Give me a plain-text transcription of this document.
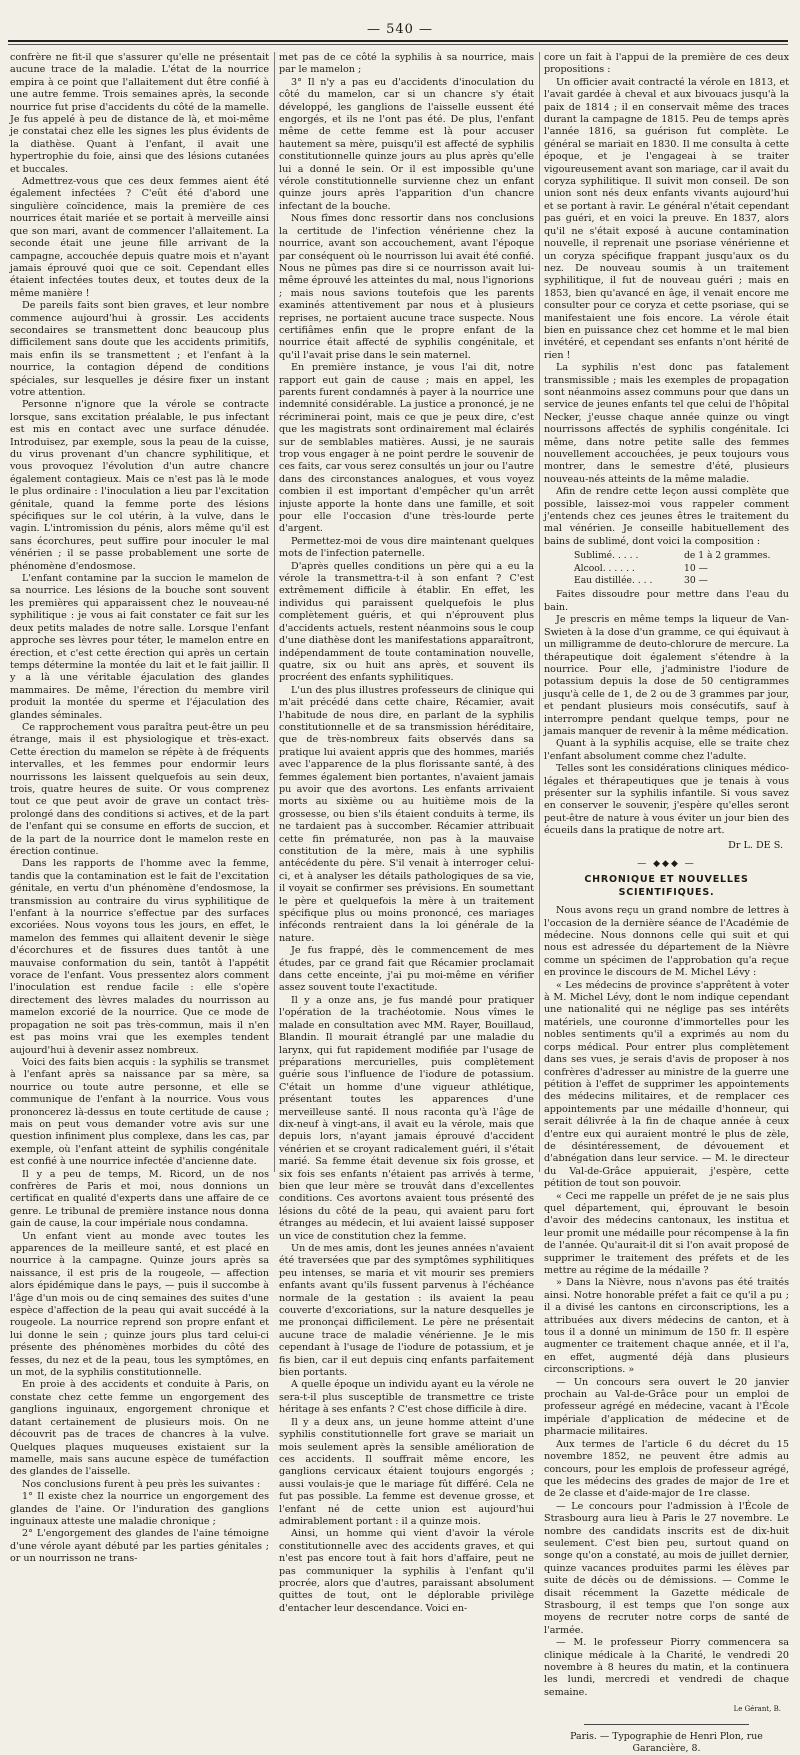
— 540 —

confrère ne fit-il que s'assurer qu'elle ne présentait aucune trace de la maladie. L'état de la nourrice empira à ce point que l'allaitement dut être confié à une autre femme. Trois semaines après, la seconde nourrice fut prise d'accidents du côté de la mamelle. Je fus appelé à peu de distance de là, et moi-même je constatai chez elle les signes les plus évidents de la diathèse. Quant à l'enfant, il avait une hypertrophie du foie, ainsi que des lésions cutanées et buccales.

Admettrez-vous que ces deux femmes aient été également infectées ? C'eût été d'abord une singulière coïncidence, mais la première de ces nourrices était mariée et se portait à merveille ainsi que son mari, avant de commencer l'allaitement. La seconde était une jeune fille arrivant de la campagne, accouchée depuis quatre mois et n'ayant jamais éprouvé quoi que ce soit. Cependant elles étaient infectées toutes deux, et toutes deux de la même manière !

De pareils faits sont bien graves, et leur nombre commence aujourd'hui à grossir. Les accidents secondaires se transmettent donc beaucoup plus difficilement sans doute que les accidents primitifs, mais enfin ils se transmettent ; et l'enfant à la nourrice, la contagion dépend de conditions spéciales, sur lesquelles je désire fixer un instant votre attention.

Personne n'ignore que la vérole se contracte lorsque, sans excitation préalable, le pus infectant est mis en contact avec une surface dénudée. Introduisez, par exemple, sous la peau de la cuisse, du virus provenant d'un chancre syphilitique, et vous provoquez l'évolution d'un autre chancre également contagieux. Mais ce n'est pas là le mode le plus ordinaire : l'inoculation a lieu par l'excitation génitale, quand la femme porte des lésions spécifiques sur le col utérin, à la vulve, dans le vagin. L'intromission du pénis, alors même qu'il est sans écorchures, peut suffire pour inoculer le mal vénérien ; il se passe probablement une sorte de phénomène d'endosmose.

L'enfant contamine par la succion le mamelon de sa nourrice. Les lésions de la bouche sont souvent les premières qui apparaissent chez le nouveau-né syphilitique : je vous ai fait constater ce fait sur les deux petits malades de notre salle. Lorsque l'enfant approche ses lèvres pour téter, le mamelon entre en érection, et c'est cette érection qui après un certain temps détermine la montée du lait et le fait jaillir. Il y a là une véritable éjaculation des glandes mammaires. De même, l'érection du membre viril produit la montée du sperme et l'éjaculation des glandes séminales.

Ce rapprochement vous paraîtra peut-être un peu étrange, mais il est physiologique et très-exact. Cette érection du mamelon se répète à de fréquents intervalles, et les femmes pour endormir leurs nourrissons les laissent quelquefois au sein deux, trois, quatre heures de suite. Or vous comprenez tout ce que peut avoir de grave un contact très-prolongé dans des conditions si actives, et de la part de l'enfant qui se consume en efforts de succion, et de la part de la nourrice dont le mamelon reste en érection continue.

Dans les rapports de l'homme avec la femme, tandis que la contamination est le fait de l'excitation génitale, en vertu d'un phénomène d'endosmose, la transmission au contraire du virus syphilitique de l'enfant à la nourrice s'effectue par des surfaces excoriées. Nous voyons tous les jours, en effet, le mamelon des femmes qui allaitent devenir le siège d'écorchures et de fissures dues tantôt à une mauvaise conformation du sein, tantôt à l'appétit vorace de l'enfant. Vous pressentez alors comment l'inoculation est rendue facile : elle s'opère directement des lèvres malades du nourrisson au mamelon excorié de la nourrice. Que ce mode de propagation ne soit pas très-commun, mais il n'en est pas moins vrai que les exemples tendent aujourd'hui à devenir assez nombreux.

Voici des faits bien acquis : la syphilis se transmet à l'enfant après sa naissance par sa mère, sa nourrice ou toute autre personne, et elle se communique de l'enfant à la nourrice. Vous vous prononcerez là-dessus en toute certitude de cause ; mais on peut vous demander votre avis sur une question infiniment plus complexe, dans les cas, par exemple, où l'enfant atteint de syphilis congénitale est confié à une nourrice infectée d'ancienne date.

Il y a peu de temps, M. Ricord, un de nos confrères de Paris et moi, nous donnions un certificat en qualité d'experts dans une affaire de ce genre. Le tribunal de première instance nous donna gain de cause, la cour impériale nous condamna.

Un enfant vient au monde avec toutes les apparences de la meilleure santé, et est placé en nourrice à la campagne. Quinze jours après sa naissance, il est pris de la rougeole, — affection alors épidémique dans le pays, — puis il succombe à l'âge d'un mois ou de cinq semaines des suites d'une espèce d'affection de la peau qui avait succédé à la rougeole. La nourrice reprend son propre enfant et lui donne le sein ; quinze jours plus tard celui-ci présente des phénomènes morbides du côté des fesses, du nez et de la peau, tous les symptômes, en un mot, de la syphilis constitutionnelle.

En proie à des accidents et conduite à Paris, on constate chez cette femme un engorgement des ganglions inguinaux, engorgement chronique et datant certainement de plusieurs mois. On ne découvrit pas de traces de chancres à la vulve. Quelques plaques muqueuses existaient sur la mamelle, mais sans aucune espèce de tuméfaction des glandes de l'aisselle.

Nos conclusions furent à peu près les suivantes :

1° Il existe chez la nourrice un engorgement des glandes de l'aine. Or l'induration des ganglions inguinaux atteste une maladie chronique ;

2° L'engorgement des glandes de l'aine témoigne d'une vérole ayant débuté par les parties génitales ; or un nourrisson ne trans-

met pas de ce côté la syphilis à sa nourrice, mais par le mamelon ;

3° Il n'y a pas eu d'accidents d'inoculation du côté du mamelon, car si un chancre s'y était développé, les ganglions de l'aisselle eussent été engorgés, et ils ne l'ont pas été. De plus, l'enfant même de cette femme est là pour accuser hautement sa mère, puisqu'il est affecté de syphilis constitutionnelle quinze jours au plus après qu'elle lui a donné le sein. Or il est impossible qu'une vérole constitutionnelle survienne chez un enfant quinze jours après l'apparition d'un chancre infectant de la bouche.

Nous fîmes donc ressortir dans nos conclusions la certitude de l'infection vénérienne chez la nourrice, avant son accouchement, avant l'époque par conséquent où le nourrisson lui avait été confié. Nous ne pûmes pas dire si ce nourrisson avait lui-même éprouvé les atteintes du mal, nous l'ignorions ; mais nous savions toutefois que les parents examinés attentivement par nous et à plusieurs reprises, ne portaient aucune trace suspecte. Nous certifiâmes enfin que le propre enfant de la nourrice était affecté de syphilis congénitale, et qu'il l'avait prise dans le sein maternel.

En première instance, je vous l'ai dit, notre rapport eut gain de cause ; mais en appel, les parents furent condamnés à payer à la nourrice une indemnité considérable. La justice a prononcé, je ne récriminerai point, mais ce que je peux dire, c'est que les magistrats sont ordinairement mal éclairés sur de semblables matières. Aussi, je ne saurais trop vous engager à ne point perdre le souvenir de ces faits, car vous serez consultés un jour ou l'autre dans des circonstances analogues, et vous voyez combien il est important d'empêcher qu'un arrêt injuste apporte la honte dans une famille, et soit pour elle l'occasion d'une très-lourde perte d'argent.

Permettez-moi de vous dire maintenant quelques mots de l'infection paternelle.

D'après quelles conditions un père qui a eu la vérole la transmettra-t-il à son enfant ? C'est extrêmement difficile à établir. En effet, les individus qui paraissent quelquefois le plus complètement guéris, et qui n'éprouvent plus d'accidents actuels, restent néanmoins sous le coup d'une diathèse dont les manifestations apparaîtront, indépendamment de toute contamination nouvelle, quatre, six ou huit ans après, et souvent ils procréent des enfants syphilitiques.

L'un des plus illustres professeurs de clinique qui m'ait précédé dans cette chaire, Récamier, avait l'habitude de nous dire, en parlant de la syphilis constitutionnelle et de sa transmission héréditaire, que de très-nombreux faits observés dans sa pratique lui avaient appris que des hommes, mariés avec l'apparence de la plus florissante santé, à des femmes également bien portantes, n'avaient jamais pu avoir que des avortons. Les enfants arrivaient morts au sixième ou au huitième mois de la grossesse, ou bien s'ils étaient conduits à terme, ils ne tardaient pas à succomber. Récamier attribuait cette fin prématurée, non pas à la mauvaise constitution de la mère, mais à une syphilis antécédente du père. S'il venait à interroger celui-ci, et à analyser les détails pathologiques de sa vie, il voyait se confirmer ses prévisions. En soumettant le père et quelquefois la mère à un traitement spécifique plus ou moins prononcé, ces mariages inféconds rentraient dans la loi générale de la nature.

Je fus frappé, dès le commencement de mes études, par ce grand fait que Récamier proclamait dans cette enceinte, j'ai pu moi-même en vérifier assez souvent toute l'exactitude.

Il y a onze ans, je fus mandé pour pratiquer l'opération de la trachéotomie. Nous vîmes le malade en consultation avec MM. Rayer, Bouillaud, Blandin. Il mourait étranglé par une maladie du larynx, qui fut rapidement modifiée par l'usage de préparations mercurielles, puis complètement guérie sous l'influence de l'iodure de potassium. C'était un homme d'une vigueur athlétique, présentant toutes les apparences d'une merveilleuse santé. Il nous raconta qu'à l'âge de dix-neuf à vingt-ans, il avait eu la vérole, mais que depuis lors, n'ayant jamais éprouvé d'accident vénérien et se croyant radicalement guéri, il s'était marié. Sa femme était devenue six fois grosse, et six fois ses enfants n'étaient pas arrivés à terme, bien que leur mère se trouvât dans d'excellentes conditions. Ces avortons avaient tous présenté des lésions du côté de la peau, qui avaient paru fort étranges au médecin, et lui avaient laissé supposer un vice de constitution chez la femme.

Un de mes amis, dont les jeunes années n'avaient été traversées que par des symptômes syphilitiques peu intenses, se maria et vit mourir ses premiers enfants avant qu'ils fussent parvenus à l'échéance normale de la gestation : ils avaient la peau couverte d'excoriations, sur la nature desquelles je me prononçai difficilement. Le père ne présentait aucune trace de maladie vénérienne. Je le mis cependant à l'usage de l'iodure de potassium, et je fis bien, car il eut depuis cinq enfants parfaitement bien portants.

A quelle époque un individu ayant eu la vérole ne sera-t-il plus susceptible de transmettre ce triste héritage à ses enfants ? C'est chose difficile à dire.

Il y a deux ans, un jeune homme atteint d'une syphilis constitutionnelle fort grave se mariait un mois seulement après la sensible amélioration de ces accidents. Il souffrait même encore, les ganglions cervicaux étaient toujours engorgés ; aussi voulais-je que le mariage fût différé. Cela ne fut pas possible. La femme est devenue grosse, et l'enfant né de cette union est aujourd'hui admirablement portant : il a quinze mois.

Ainsi, un homme qui vient d'avoir la vérole constitutionnelle avec des accidents graves, et qui n'est pas encore tout à fait hors d'affaire, peut ne pas communiquer la syphilis à l'enfant qu'il procrée, alors que d'autres, paraissant absolument quittes de tout, ont le déplorable privilège d'entacher leur descendance. Voici en-

core un fait à l'appui de la première de ces deux propositions :

Un officier avait contracté la vérole en 1813, et l'avait gardée à cheval et aux bivouacs jusqu'à la paix de 1814 ; il en conservait même des traces durant la campagne de 1815. Peu de temps après l'année 1816, sa guérison fut complète. Le général se mariait en 1830. Il me consulta à cette époque, et je l'engageai à se traiter vigoureusement avant son mariage, car il avait du coryza syphilitique. Il suivit mon conseil. De son union sont nés deux enfants vivants aujourd'hui et se portant à ravir. Le général n'était cependant pas guéri, et en voici la preuve. En 1837, alors qu'il ne s'était exposé à aucune contamination nouvelle, il reprenait une psoriase vénérienne et un coryza spécifique frappant jusqu'aux os du nez. De nouveau soumis à un traitement syphilitique, il fut de nouveau guéri ; mais en 1853, bien qu'avancé en âge, il venait encore me consulter pour ce coryza et cette psoriase, qui se manifestaient une fois encore. La vérole était bien en puissance chez cet homme et le mal bien invétéré, et cependant ses enfants n'ont hérité de rien !

La syphilis n'est donc pas fatalement transmissible ; mais les exemples de propagation sont néanmoins assez communs pour que dans un service de jeunes enfants tel que celui de l'hôpital Necker, j'eusse chaque année quinze ou vingt nourrissons affectés de syphilis congénitale. Ici même, dans notre petite salle des femmes nouvellement accouchées, je peux toujours vous montrer, dans le semestre d'été, plusieurs nouveau-nés atteints de la même maladie.

Afin de rendre cette leçon aussi complète que possible, laissez-moi vous rappeler comment j'entends chez ces jeunes êtres le traitement du mal vénérien. Je conseille habituellement des bains de sublimé, dont voici la composition :

Sublimé. . . . .	de 1 à 2 grammes.
Alcool. . . . . .	10 —
Eau distillée. . . .	30 —

Faites dissoudre pour mettre dans l'eau du bain.

Je prescris en même temps la liqueur de Van-Swieten à la dose d'un gramme, ce qui équivaut à un milligramme de deuto-chlorure de mercure. La thérapeutique doit également s'étendre à la nourrice. Pour elle, j'administre l'iodure de potassium depuis la dose de 50 centigrammes jusqu'à celle de 1, de 2 ou de 3 grammes par jour, et pendant plusieurs mois consécutifs, sauf à interrompre pendant quelque temps, pour ne jamais manquer de revenir à la même médication.

Quant à la syphilis acquise, elle se traite chez l'enfant absolument comme chez l'adulte.

Telles sont les considérations cliniques médico-légales et thérapeutiques que je tenais à vous présenter sur la syphilis infantile. Si vous savez en conserver le souvenir, j'espère qu'elles seront peut-être de nature à vous éviter un jour bien des écueils dans la pratique de notre art.

Dr L. DE S.
— ◆◆◆ —
CHRONIQUE ET NOUVELLES SCIENTIFIQUES.

Nous avons reçu un grand nombre de lettres à l'occasion de la dernière séance de l'Académie de médecine. Nous donnons celle qui suit et qui nous est adressée du département de la Nièvre comme un spécimen de l'approbation qu'a reçue en province le discours de M. Michel Lévy :

« Les médecins de province s'apprêtent à voter à M. Michel Lévy, dont le nom indique cependant une nationalité qui ne néglige pas ses intérêts matériels, une couronne d'immortelles pour les nobles sentiments qu'il a exprimés au nom du corps médical. Pour entrer plus complètement dans ses vues, je serais d'avis de proposer à nos confrères d'adresser au ministre de la guerre une pétition à l'effet de supprimer les appointements des médecins militaires, et de remplacer ces appointements par une médaille d'honneur, qui serait délivrée à la fin de chaque année à ceux d'entre eux qui auraient montré le plus de zèle, de désintéressement, de dévouement et d'abnégation dans leur service. — M. le directeur du Val-de-Grâce appuierait, j'espère, cette pétition de tout son pouvoir.

« Ceci me rappelle un préfet de je ne sais plus quel département, qui, éprouvant le besoin d'avoir des médecins cantonaux, les institua et leur promit une médaille pour récompense à la fin de l'année. Qu'aurait-il dit si l'on avait proposé de supprimer le traitement des préfets et de les mettre au régime de la médaille ?

» Dans la Nièvre, nous n'avons pas été traités ainsi. Notre honorable préfet a fait ce qu'il a pu ; il a divisé les cantons en circonscriptions, les a attribuées aux divers médecins de canton, et à tous il a donné un minimum de 150 fr. Il espère augmenter ce traitement chaque année, et il l'a, en effet, augmenté déjà dans plusieurs circonscriptions. »

— Un concours sera ouvert le 20 janvier prochain au Val-de-Grâce pour un emploi de professeur agrégé en médecine, vacant à l'École impériale d'application de médecine et de pharmacie militaires.

Aux termes de l'article 6 du décret du 15 novembre 1852, ne peuvent être admis au concours, pour les emplois de professeur agrégé, que les médecins des grades de major de 1re et de 2e classe et d'aide-major de 1re classe.

— Le concours pour l'admission à l'École de Strasbourg aura lieu à Paris le 27 novembre. Le nombre des candidats inscrits est de dix-huit seulement. C'est bien peu, surtout quand on songe qu'on a constaté, au mois de juillet dernier, quinze vacances produites parmi les élèves par suite de décès ou de démissions. — Comme le disait récemment la Gazette médicale de Strasbourg, il est temps que l'on songe aux moyens de recruter notre corps de santé de l'armée.

— M. le professeur Piorry commencera sa clinique médicale à la Charité, le vendredi 20 novembre à 8 heures du matin, et la continuera les lundi, mercredi et vendredi de chaque semaine.

Le Gérant, B.
Paris. — Typographie de Henri Plon, rue Garancière, 8.
